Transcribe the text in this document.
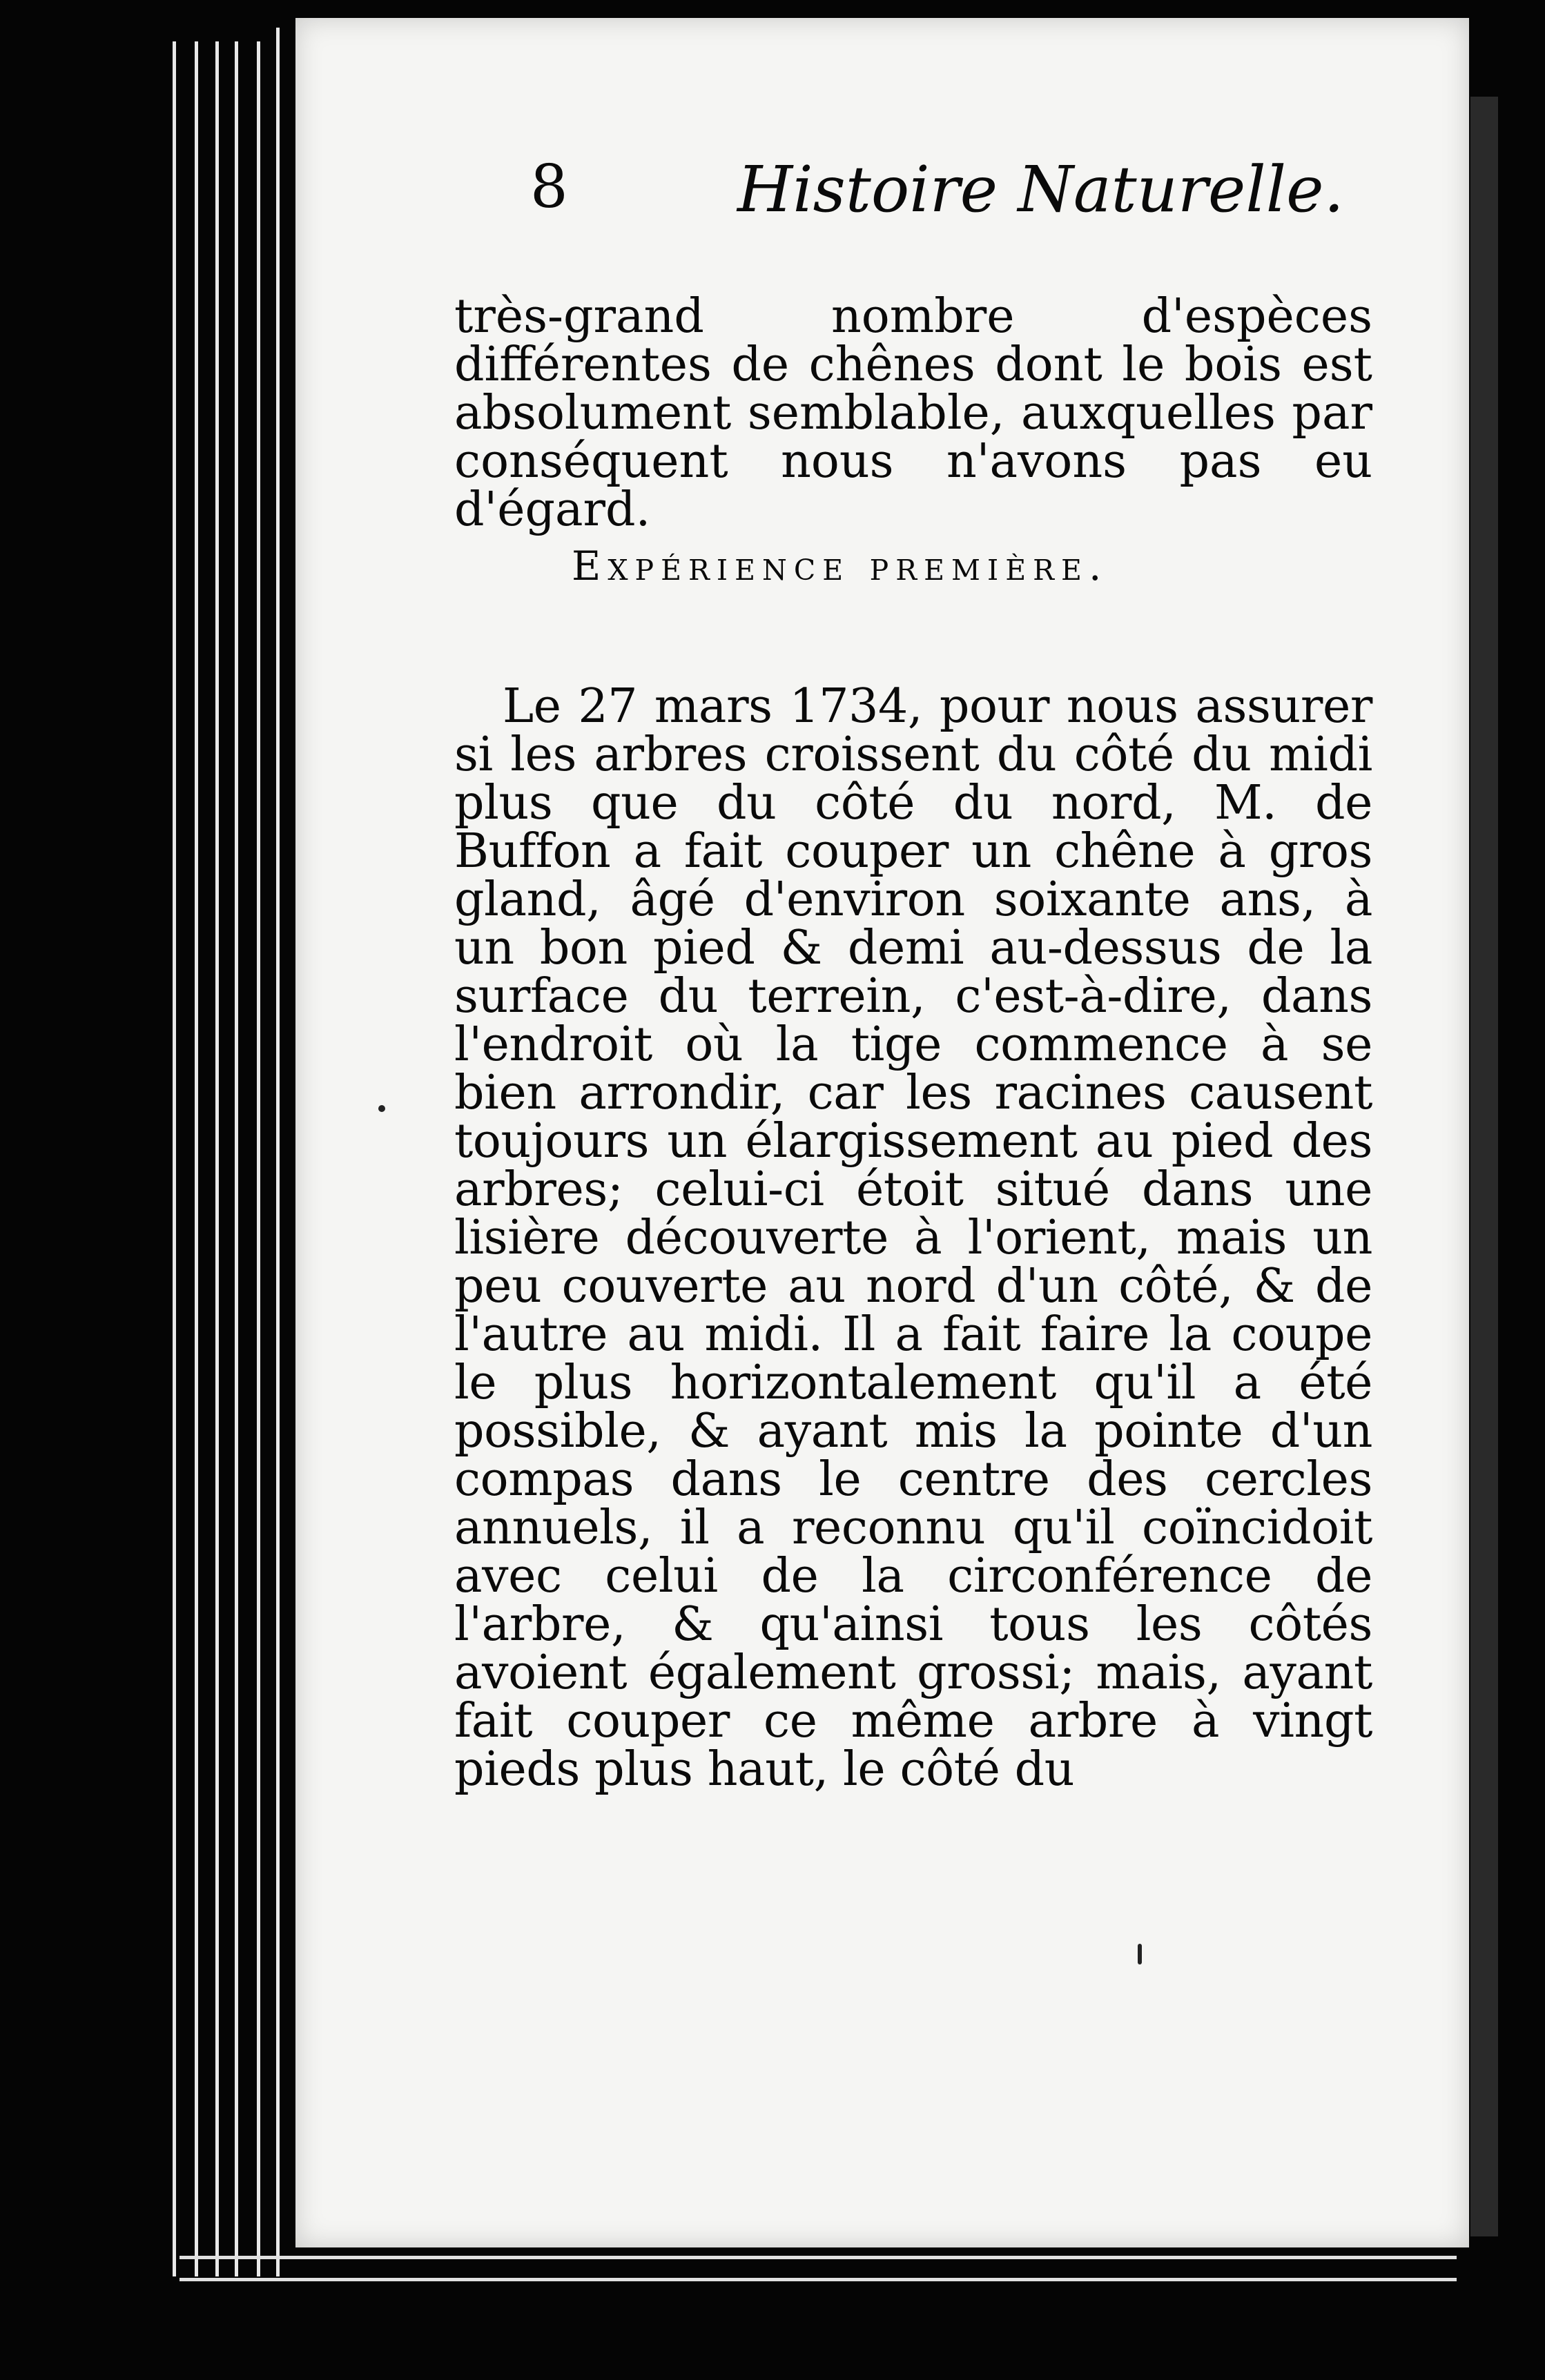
8	Histoire Naturelle.

très-grand nombre d'espèces différentes de chênes dont le bois est absolument semblable, auxquelles par conséquent nous n'avons pas eu d'égard.

Expérience première.

Le 27 mars 1734, pour nous assurer si les arbres croissent du côté du midi plus que du côté du nord, M. de Buffon a fait couper un chêne à gros gland, âgé d'environ soixante ans, à un bon pied & demi au-dessus de la surface du terrein, c'est-à-dire, dans l'endroit où la tige commence à se bien arrondir, car les racines causent toujours un élargissement au pied des arbres; celui-ci étoit situé dans une lisière découverte à l'orient, mais un peu couverte au nord d'un côté, & de l'autre au midi. Il a fait faire la coupe le plus horizontalement qu'il a été possible, & ayant mis la pointe d'un compas dans le centre des cercles annuels, il a reconnu qu'il coïncidoit avec celui de la circonférence de l'arbre, & qu'ainsi tous les côtés avoient également grossi; mais, ayant fait couper ce même arbre à vingt pieds plus haut, le côté du
